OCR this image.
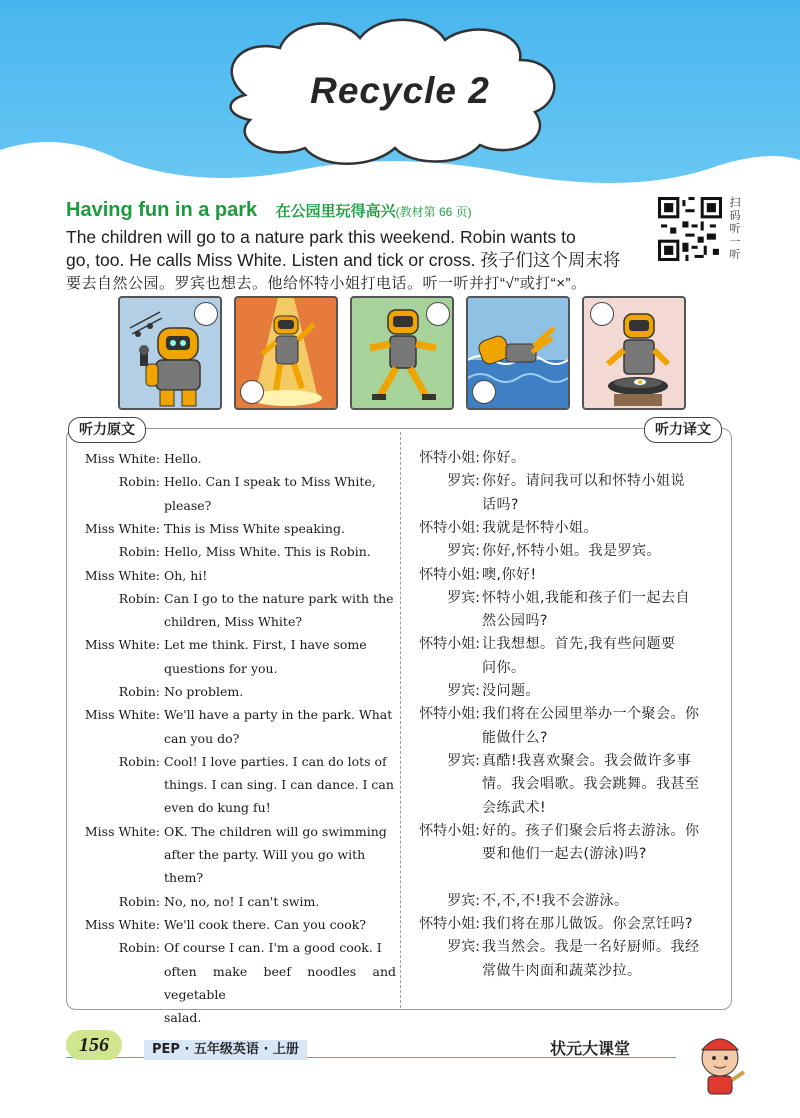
Recycle 2
Having fun in a park 在公园里玩得高兴(教材第 66 页)

The children will go to a nature park this weekend. Robin wants to

go, too. He calls Miss White. Listen and tick or cross. 孩子们这个周末将

要去自然公园。罗宾也想去。他给怀特小姐打电话。听一听并打“√”或打“×”。

扫码听一听
听力原文	听力译文
Miss White: Hello.
Robin: Hello. Can I speak to Miss White,
please?
Miss White: This is Miss White speaking.
Robin: Hello, Miss White. This is Robin.
Miss White: Oh, hi!
Robin: Can I go to the nature park with the
children, Miss White?
Miss White: Let me think. First, I have some
questions for you.
Robin: No problem.
Miss White: We'll have a party in the park. What
can you do?
Robin: Cool! I love parties. I can do lots of
things. I can sing. I can dance. I can
even do kung fu!
Miss White: OK. The children will go swimming
after the party. Will you go with
them?
Robin: No, no, no! I can't swim.
Miss White: We'll cook there. Can you cook?
Robin: Of course I can. I'm a good cook. I
often make beef noodles and vegetable
salad.
怀特小姐: 你好。
罗宾: 你好。请问我可以和怀特小姐说
话吗?
怀特小姐: 我就是怀特小姐。
罗宾: 你好,怀特小姐。我是罗宾。
怀特小姐: 噢,你好!
罗宾: 怀特小姐,我能和孩子们一起去自
然公园吗?
怀特小姐: 让我想想。首先,我有些问题要
问你。
罗宾: 没问题。
怀特小姐: 我们将在公园里举办一个聚会。你
能做什么?
罗宾: 真酷!我喜欢聚会。我会做许多事
情。我会唱歌。我会跳舞。我甚至
会练武术!
怀特小姐: 好的。孩子们聚会后将去游泳。你
要和他们一起去(游泳)吗?
罗宾: 不,不,不!我不会游泳。
怀特小姐: 我们将在那儿做饭。你会烹饪吗?
罗宾: 我当然会。我是一名好厨师。我经
常做牛肉面和蔬菜沙拉。
156	PEP · 五年级英语 · 上册	状元大课堂
